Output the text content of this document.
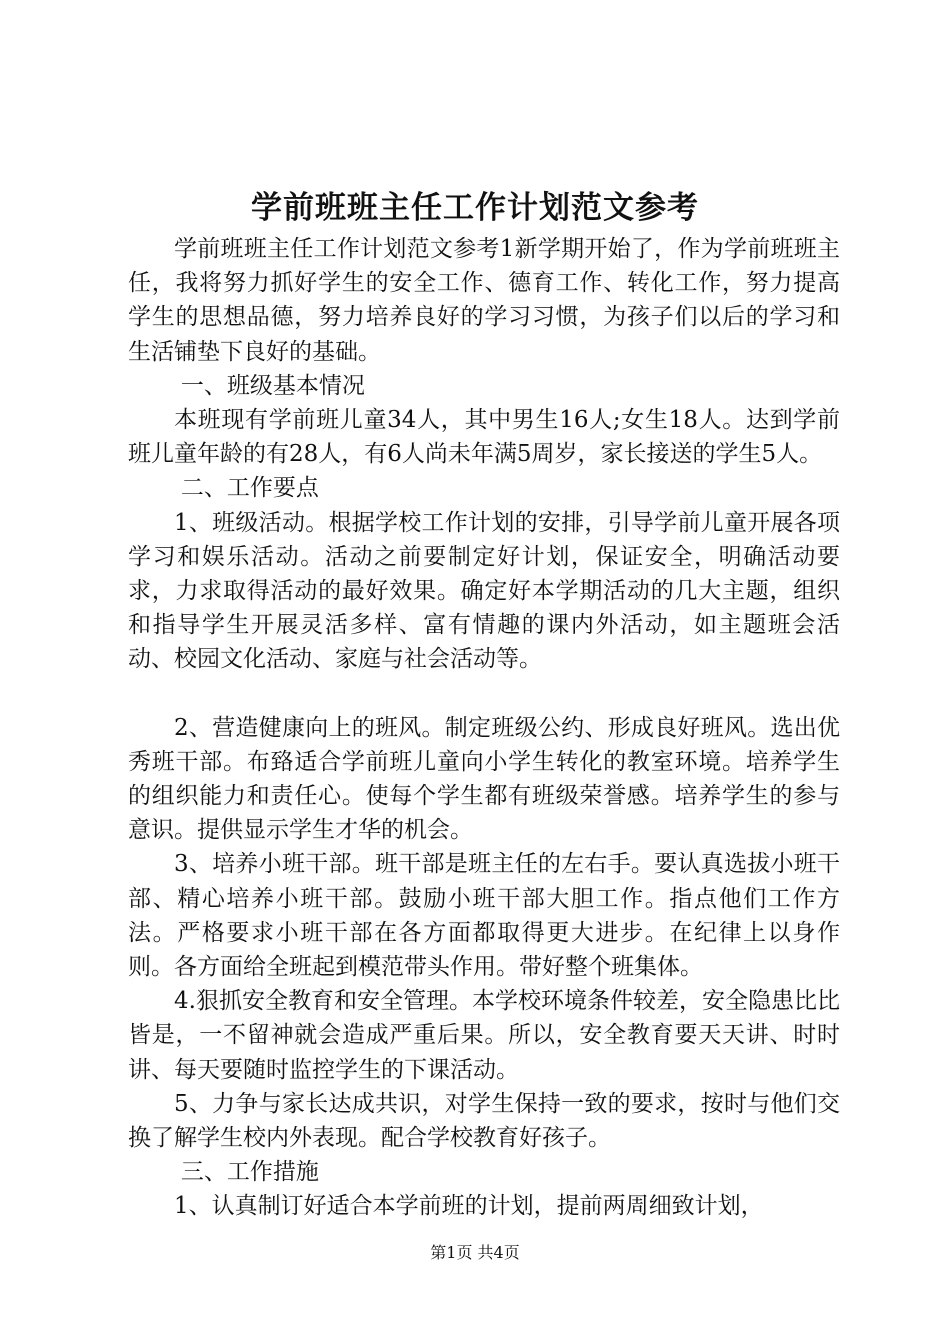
学前班班主任工作计划范文参考

学前班班主任工作计划范文参考1新学期开始了，作为学前班班主任，我将努力抓好学生的安全工作、德育工作、转化工作，努力提高学生的思想品德，努力培养良好的学习习惯，为孩子们以后的学习和生活铺垫下良好的基础。

一、班级基本情况

本班现有学前班儿童34人，其中男生16人;女生18人。达到学前班儿童年龄的有28人，有6人尚未年满5周岁，家长接送的学生5人。

二、工作要点

1、班级活动。根据学校工作计划的安排，引导学前儿童开展各项学习和娱乐活动。活动之前要制定好计划，保证安全，明确活动要求，力求取得活动的最好效果。确定好本学期活动的几大主题，组织和指导学生开展灵活多样、富有情趣的课内外活动，如主题班会活动、校园文化活动、家庭与社会活动等。

2、营造健康向上的班风。制定班级公约、形成良好班风。选出优秀班干部。布臵适合学前班儿童向小学生转化的教室环境。培养学生的组织能力和责任心。使每个学生都有班级荣誉感。培养学生的参与意识。提供显示学生才华的机会。

3、培养小班干部。班干部是班主任的左右手。要认真选拔小班干部、精心培养小班干部。鼓励小班干部大胆工作。指点他们工作方法。严格要求小班干部在各方面都取得更大进步。在纪律上以身作则。各方面给全班起到模范带头作用。带好整个班集体。

4.狠抓安全教育和安全管理。本学校环境条件较差，安全隐患比比皆是，一不留神就会造成严重后果。所以，安全教育要天天讲、时时讲、每天要随时监控学生的下课活动。

5、力争与家长达成共识，对学生保持一致的要求，按时与他们交换了解学生校内外表现。配合学校教育好孩子。

三、工作措施

1、认真制订好适合本学前班的计划，提前两周细致计划，

第1页 共4页
